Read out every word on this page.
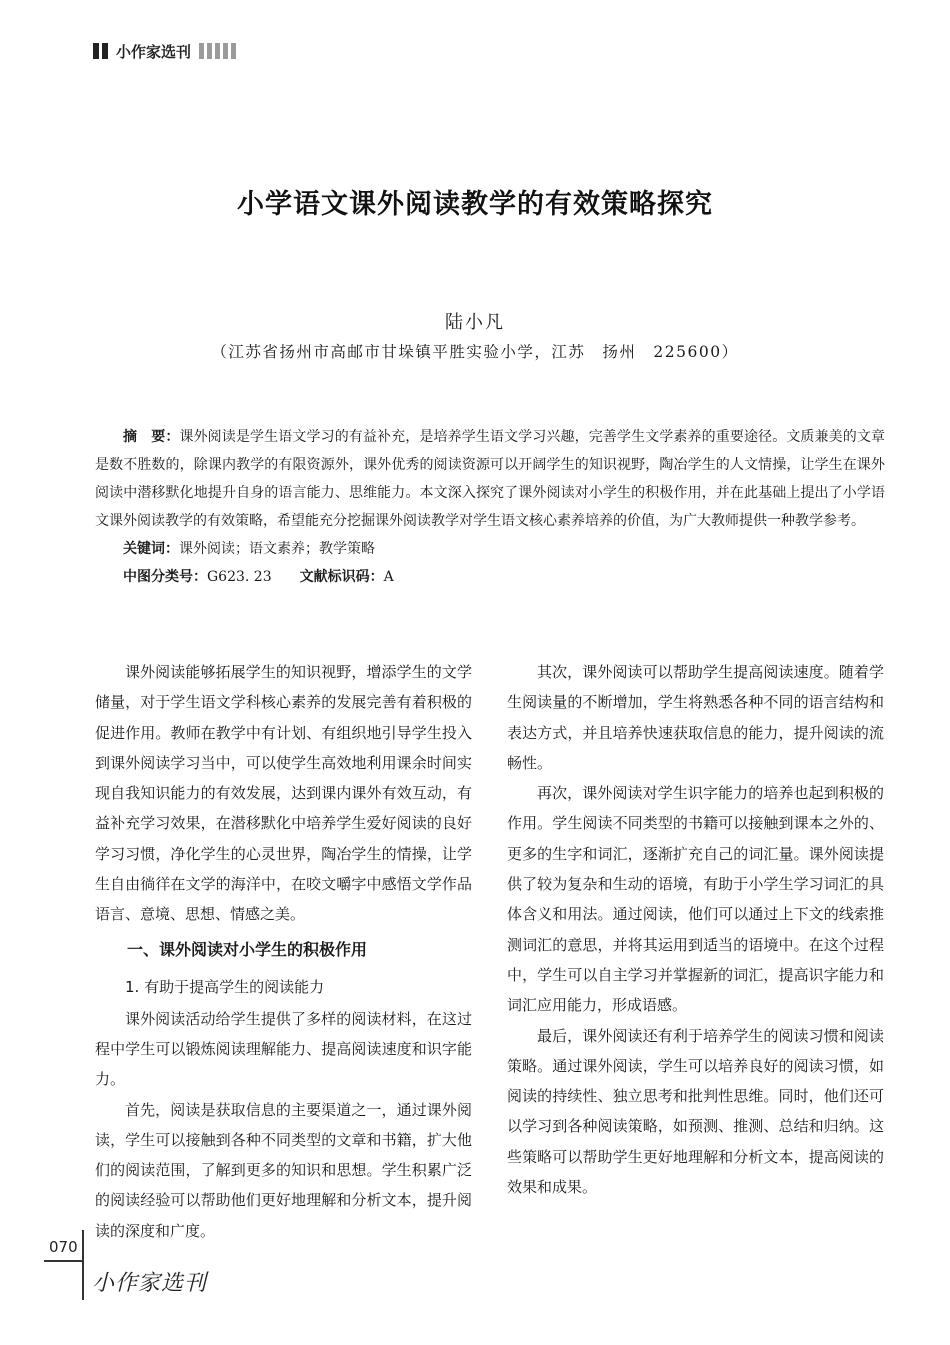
小作家选刊
小学语文课外阅读教学的有效策略探究
陆小凡
（江苏省扬州市高邮市甘垛镇平胜实验小学，江苏　扬州　225600）

摘　要：课外阅读是学生语文学习的有益补充，是培养学生语文学习兴趣，完善学生文学素养的重要途径。文质兼美的文章是数不胜数的，除课内教学的有限资源外，课外优秀的阅读资源可以开阔学生的知识视野，陶冶学生的人文情操，让学生在课外阅读中潜移默化地提升自身的语言能力、思维能力。本文深入探究了课外阅读对小学生的积极作用，并在此基础上提出了小学语文课外阅读教学的有效策略，希望能充分挖掘课外阅读教学对学生语文核心素养培养的价值，为广大教师提供一种教学参考。

关键词：课外阅读；语文素养；教学策略

中图分类号：G623. 23　　 文献标识码：A

课外阅读能够拓展学生的知识视野，增添学生的文学储量，对于学生语文学科核心素养的发展完善有着积极的促进作用。教师在教学中有计划、有组织地引导学生投入到课外阅读学习当中，可以使学生高效地利用课余时间实现自我知识能力的有效发展，达到课内课外有效互动，有益补充学习效果，在潜移默化中培养学生爱好阅读的良好学习习惯，净化学生的心灵世界，陶冶学生的情操，让学生自由徜徉在文学的海洋中，在咬文嚼字中感悟文学作品语言、意境、思想、情感之美。

一、课外阅读对小学生的积极作用
1. 有助于提高学生的阅读能力

课外阅读活动给学生提供了多样的阅读材料，在这过程中学生可以锻炼阅读理解能力、提高阅读速度和识字能力。

首先，阅读是获取信息的主要渠道之一，通过课外阅读，学生可以接触到各种不同类型的文章和书籍，扩大他们的阅读范围，了解到更多的知识和思想。学生积累广泛的阅读经验可以帮助他们更好地理解和分析文本，提升阅读的深度和广度。

其次，课外阅读可以帮助学生提高阅读速度。随着学生阅读量的不断增加，学生将熟悉各种不同的语言结构和表达方式，并且培养快速获取信息的能力，提升阅读的流畅性。

再次，课外阅读对学生识字能力的培养也起到积极的作用。学生阅读不同类型的书籍可以接触到课本之外的、更多的生字和词汇，逐渐扩充自己的词汇量。课外阅读提供了较为复杂和生动的语境，有助于小学生学习词汇的具体含义和用法。通过阅读，他们可以通过上下文的线索推测词汇的意思，并将其运用到适当的语境中。在这个过程中，学生可以自主学习并掌握新的词汇，提高识字能力和词汇应用能力，形成语感。

最后，课外阅读还有利于培养学生的阅读习惯和阅读策略。通过课外阅读，学生可以培养良好的阅读习惯，如阅读的持续性、独立思考和批判性思维。同时，他们还可以学习到各种阅读策略，如预测、推测、总结和归纳。这些策略可以帮助学生更好地理解和分析文本，提高阅读的效果和成果。

070
小作家选刊
